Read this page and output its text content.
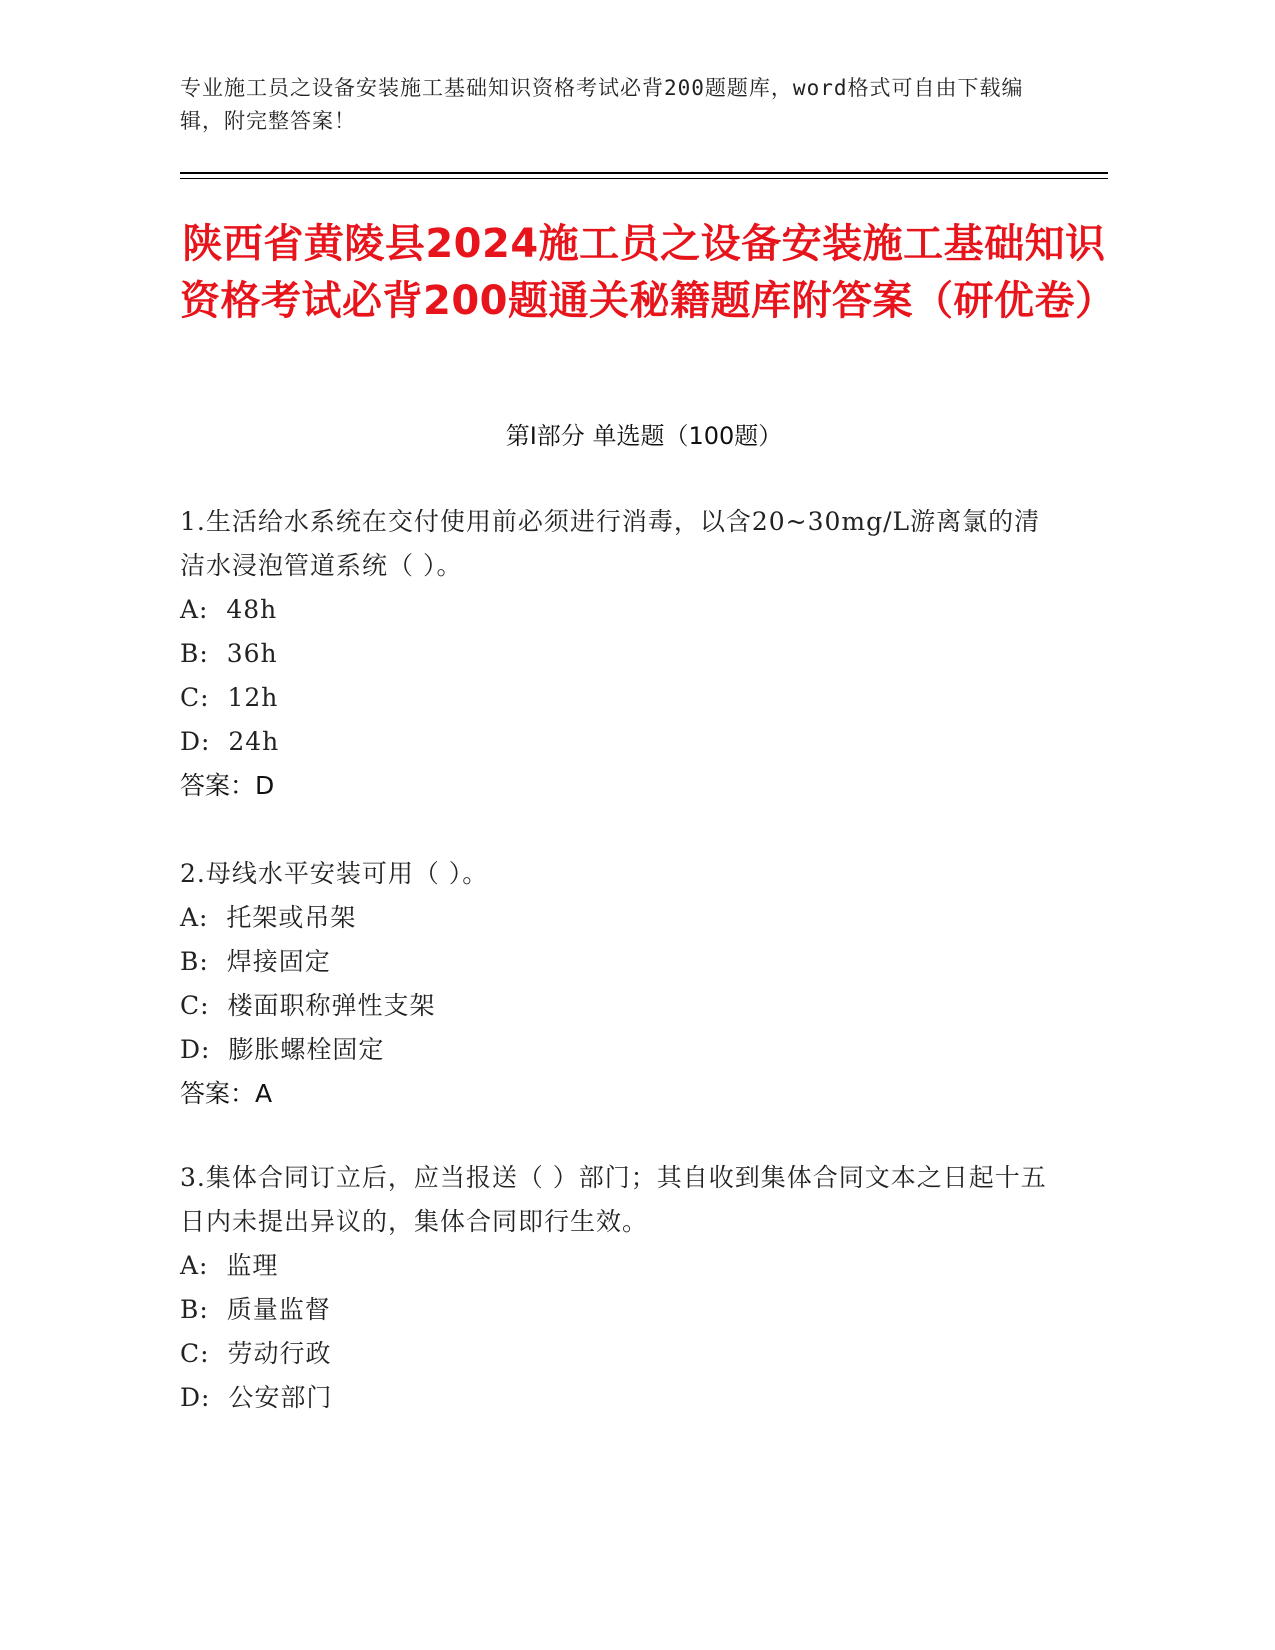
专业施工员之设备安装施工基础知识资格考试必背200题题库，word格式可自由下载编辑，附完整答案！
陕西省黄陵县2024施工员之设备安装施工基础知识资格考试必背200题通关秘籍题库附答案（研优卷）
第I部分 单选题（100题）
1.生活给水系统在交付使用前必须进行消毒，以含20~30mg/L游离氯的清洁水浸泡管道系统（ ）。
A:  48h
B:  36h
C:  12h
D:  24h
答案：D
2.母线水平安装可用（ ）。
A:  托架或吊架
B:  焊接固定
C:  楼面职称弹性支架
D:  膨胀螺栓固定
答案：A
3.集体合同订立后，应当报送（ ）部门；其自收到集体合同文本之日起十五日内未提出异议的，集体合同即行生效。
A:  监理
B:  质量监督
C:  劳动行政
D:  公安部门
